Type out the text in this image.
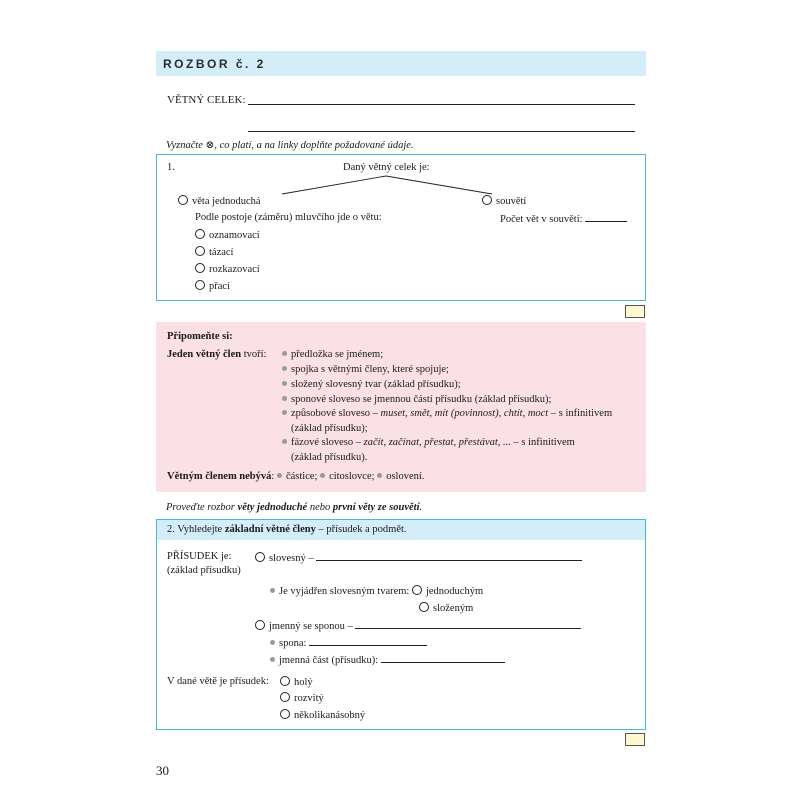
ROZBOR č. 2
VĚTNÝ CELEK:
Vyznačte ⊗, co platí, a na linky doplňte požadované údaje.
1.	Daný větný celek je:
věta jednoduchá	souvětí
Podle postoje (záměru) mluvčího jde o větu:	Počet vět v souvětí:
oznamovací
tázací
rozkazovací
přací
Připomeňte si:
Jeden větný člen tvoří:	předložka se jménem;
spojka s větnými členy, které spojuje;
složený slovesný tvar (základ přísudku);
sponové sloveso se jmennou částí přísudku (základ přísudku);
způsobové sloveso – muset, smět, mít (povinnost), chtít, moct – s infinitivem
(základ přísudku);
fázové sloveso – začít, začínat, přestat, přestávat, ... – s infinitivem
(základ přísudku).
Větným členem nebývá: částice; citoslovce; oslovení.
Proveďte rozbor věty jednoduché nebo první věty ze souvětí.
2. Vyhledejte základní větné členy – přísudek a podmět.
PŘÍSUDEK je:
(základ přísudku)
slovesný –
Je vyjádřen slovesným tvarem: jednoduchým
složeným
jmenný se sponou –
spona:
jmenná část (přísudku):
V dané větě je přísudek:	holý
rozvitý
několikanásobný
30
